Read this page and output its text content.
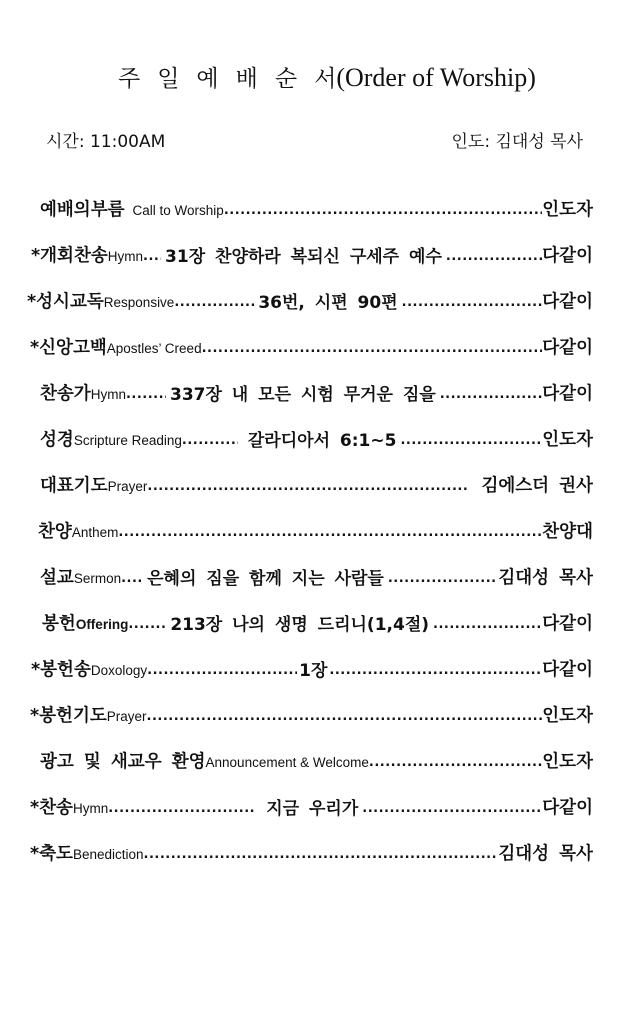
주일예배순서(Order of Worship)
시간: 11:00AM	인도: 김대성 목사
예배의부름 Call to Worship .....	인도자
*개회찬송 Hymn ..... 31장 찬양하라 복되신 구세주 예수 .....	다같이
*성시교독 Responsive .....	36번, 시편 90편 .....	다같이
*신앙고백 Apostles’ Creed .....	다같이
찬송가 Hymn .....	337장 내 모든 시험 무거운 짐을 .....	다같이
성경 Scripture Reading .....	갈라디아서 6:1~5 .....	인도자
대표기도 Prayer .....	김에스더 권사
찬양 Anthem .....	찬양대
설교 Sermon ..... 은혜의 짐을 함께 지는 사람들 .....	김대성 목사
봉헌 Offering ..... 213장 나의 생명 드리니(1,4절) .....	다같이
*봉헌송 Doxology .....	1장 .....	다같이
*봉헌기도 Prayer .....	인도자
광고 및 새교우 환영 Announcement & Welcome .....	인도자
*찬송 Hymn .....	지금 우리가 .....	다같이
*축도 Benediction .....	김대성 목사
